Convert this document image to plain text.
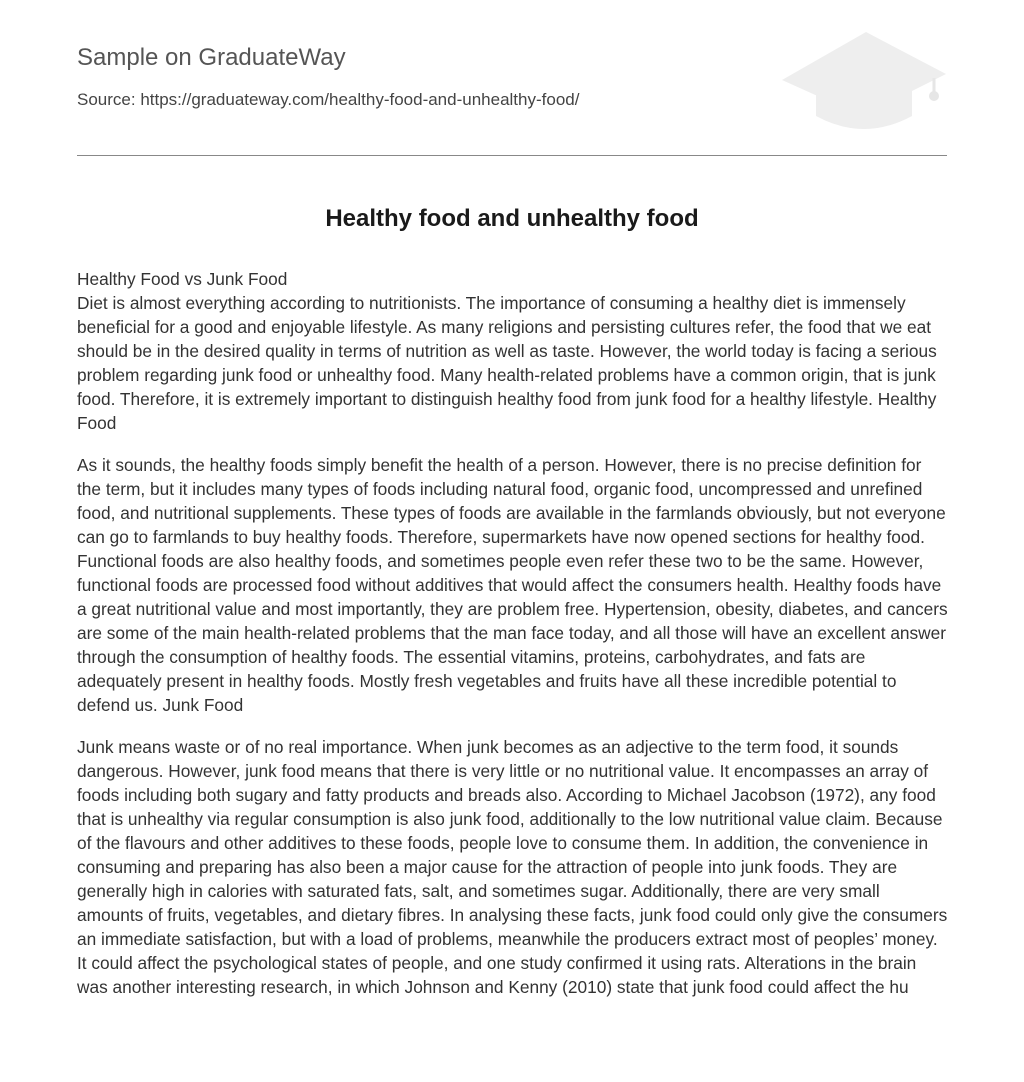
Sample on GraduateWay
Source: https://graduateway.com/healthy-food-and-unhealthy-food/
Healthy food and unhealthy food

Healthy Food vs Junk Food

Diet is almost everything according to nutritionists. The importance of consuming a healthy diet is immensely beneficial for a good and enjoyable lifestyle. As many religions and persisting cultures refer, the food that we eat should be in the desired quality in terms of nutrition as well as taste. However, the world today is facing a serious problem regarding junk food or unhealthy food. Many health-related problems have a common origin, that is junk food. Therefore, it is extremely important to distinguish healthy food from junk food for a healthy lifestyle. Healthy Food

As it sounds, the healthy foods simply benefit the health of a person. However, there is no precise definition for the term, but it includes many types of foods including natural food, organic food, uncompressed and unrefined food, and nutritional supplements. These types of foods are available in the farmlands obviously, but not everyone can go to farmlands to buy healthy foods. Therefore, supermarkets have now opened sections for healthy food. Functional foods are also healthy foods, and sometimes people even refer these two to be the same. However, functional foods are processed food without additives that would affect the consumers health. Healthy foods have a great nutritional value and most importantly, they are problem free. Hypertension, obesity, diabetes, and cancers are some of the main health-related problems that the man face today, and all those will have an excellent answer through the consumption of healthy foods. The essential vitamins, proteins, carbohydrates, and fats are adequately present in healthy foods. Mostly fresh vegetables and fruits have all these incredible potential to defend us. Junk Food

Junk means waste or of no real importance. When junk becomes as an adjective to the term food, it sounds dangerous. However, junk food means that there is very little or no nutritional value. It encompasses an array of foods including both sugary and fatty products and breads also. According to Michael Jacobson (1972), any food that is unhealthy via regular consumption is also junk food, additionally to the low nutritional value claim. Because of the flavours and other additives to these foods, people love to consume them. In addition, the convenience in consuming and preparing has also been a major cause for the attraction of people into junk foods. They are generally high in calories with saturated fats, salt, and sometimes sugar. Additionally, there are very small amounts of fruits, vegetables, and dietary fibres. In analysing these facts, junk food could only give the consumers an immediate satisfaction, but with a load of problems, meanwhile the producers extract most of peoples’ money. It could affect the psychological states of people, and one study confirmed it using rats. Alterations in the brain was another interesting research, in which Johnson and Kenny (2010) state that junk food could affect the hu
